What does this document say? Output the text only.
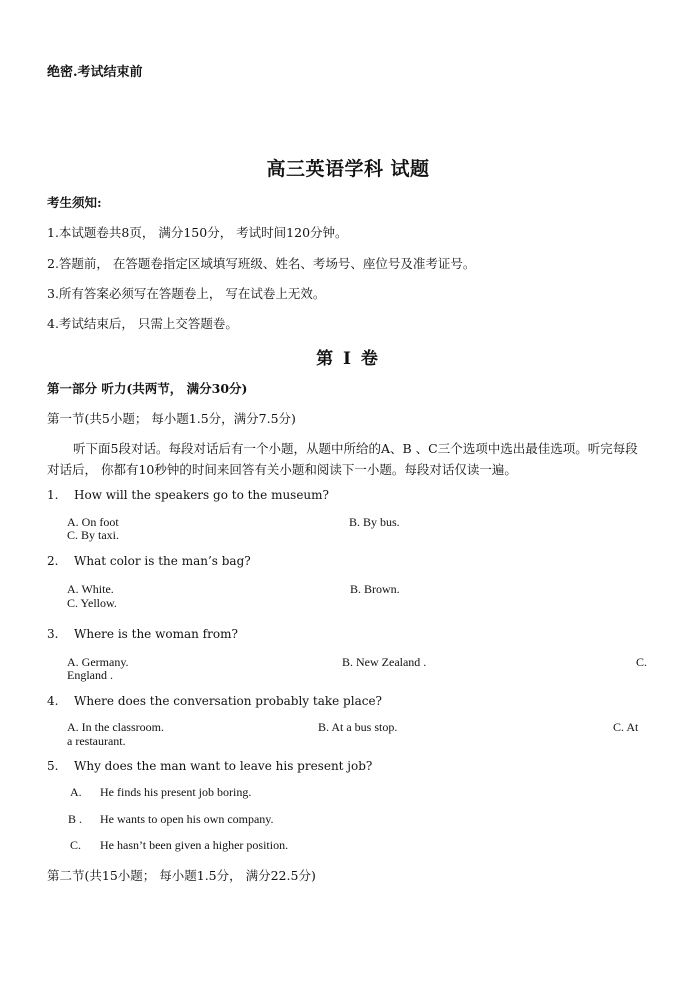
绝密.考试结束前
高三英语学科 试题
考生须知:
1.本试题卷共8页， 满分150分， 考试时间120分钟。
2.答题前， 在答题卷指定区域填写班级、姓名、考场号、座位号及准考证号。
3.所有答案必须写在答题卷上， 写在试卷上无效。
4.考试结束后， 只需上交答题卷。
第 I 卷
第一部分 听力(共两节， 满分30分)
第一节(共5小题； 每小题1.5分，满分7.5分)
听下面5段对话。每段对话后有一个小题，从题中所给的A、B 、C三个选项中选出最佳选项。听完每段对话后， 你都有10秒钟的时间来回答有关小题和阅读下一小题。每段对话仅读一遍。
1. How will the speakers go to the museum?
A. On foot	B. By bus.
C. By taxi.
2. What color is the man’s bag?
A. White.	B. Brown.
C. Yellow.
3. Where is the woman from?
A. Germany.	B. New Zealand .	C.
England .
4. Where does the conversation probably take place?
A. In the classroom.	B. At a bus stop.	C. At
a restaurant.
5. Why does the man want to leave his present job?
A. He finds his present job boring.
B . He wants to open his own company.
C. He hasn’t been given a higher position.
第二节(共15小题； 每小题1.5分， 满分22.5分)
